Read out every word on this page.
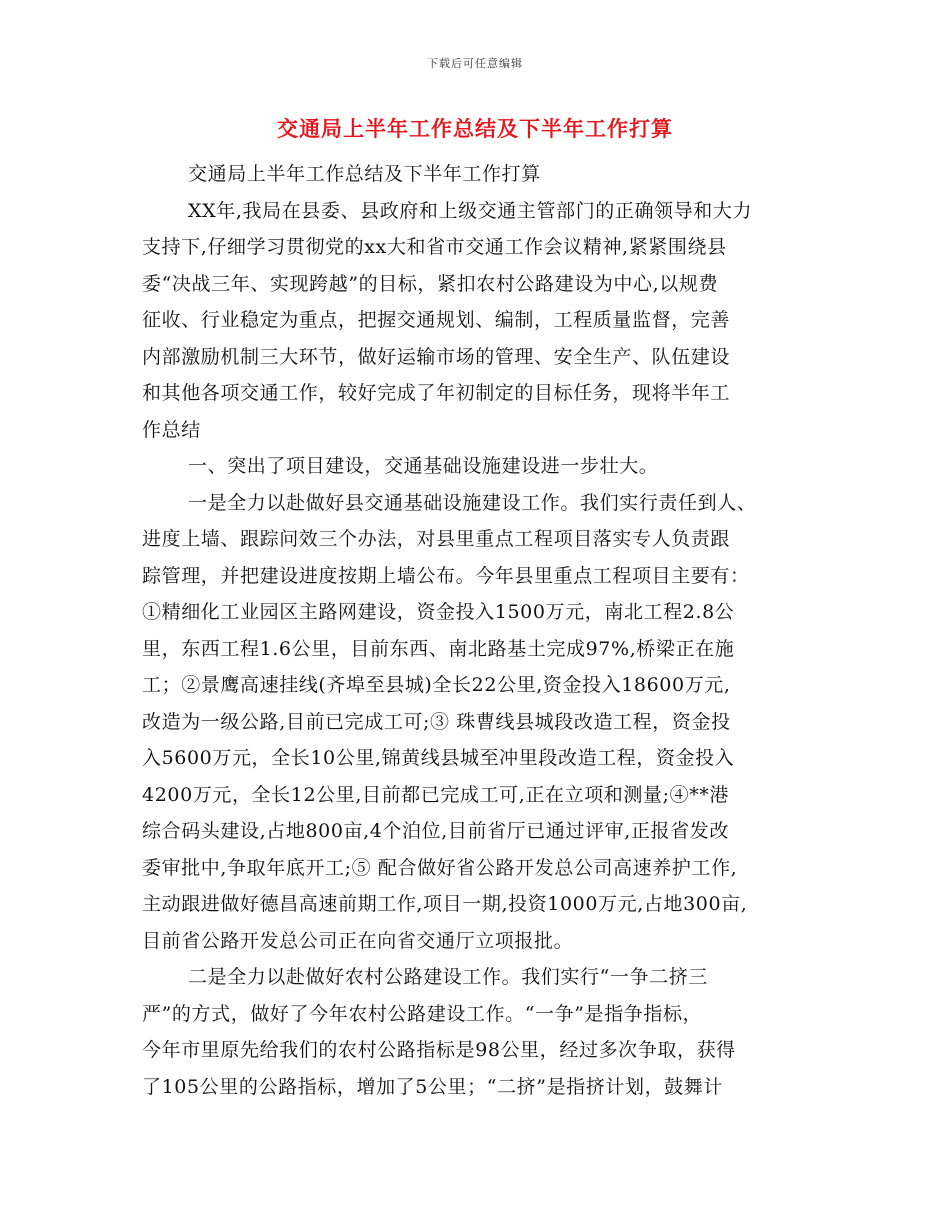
下载后可任意编辑
交通局上半年工作总结及下半年工作打算
交通局上半年工作总结及下半年工作打算
XX年,我局在县委、县政府和上级交通主管部门的正确领导和大力
支持下,仔细学习贯彻党的xx大和省市交通工作会议精神,紧紧围绕县
委“决战三年、实现跨越”的目标，紧扣农村公路建设为中心,以规费
征收、行业稳定为重点，把握交通规划、编制，工程质量监督，完善
内部激励机制三大环节，做好运输市场的管理、安全生产、队伍建设
和其他各项交通工作，较好完成了年初制定的目标任务，现将半年工
作总结
一、突出了项目建设，交通基础设施建设进一步壮大。
一是全力以赴做好县交通基础设施建设工作。我们实行责任到人、
进度上墙、跟踪问效三个办法，对县里重点工程项目落实专人负责跟
踪管理，并把建设进度按期上墙公布。今年县里重点工程项目主要有：
①精细化工业园区主路网建设，资金投入1500万元，南北工程2.8公
里，东西工程1.6公里，目前东西、南北路基土完成97%,桥梁正在施
工；②景鹰高速挂线(齐埠至县城)全长22公里,资金投入18600万元,
改造为一级公路,目前已完成工可;③ 珠曹线县城段改造工程，资金投
入5600万元，全长10公里,锦黄线县城至冲里段改造工程，资金投入
4200万元，全长12公里,目前都已完成工可,正在立项和测量;④**港
综合码头建设,占地800亩,4个泊位,目前省厅已通过评审,正报省发改
委审批中,争取年底开工;⑤ 配合做好省公路开发总公司高速养护工作,
主动跟进做好德昌高速前期工作,项目一期,投资1000万元,占地300亩,
目前省公路开发总公司正在向省交通厅立项报批。
二是全力以赴做好农村公路建设工作。我们实行“一争二挤三
严”的方式，做好了今年农村公路建设工作。“一争”是指争指标，
今年市里原先给我们的农村公路指标是98公里，经过多次争取，获得
了105公里的公路指标，增加了5公里；“二挤”是指挤计划，鼓舞计
